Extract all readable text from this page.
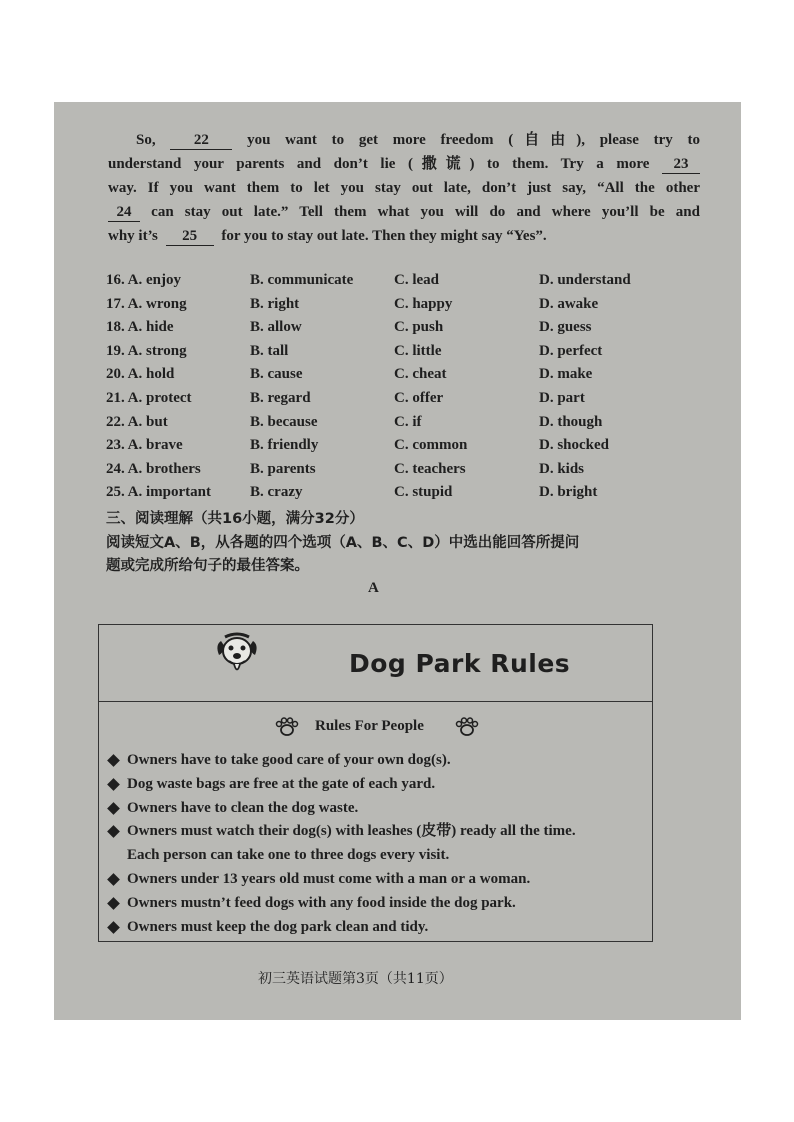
So,	22	you want to get more freedom (自由), please try to
understand your parents and don’t lie (撒谎) to them. Try a more 23
way. If you want them to let you stay out late, don’t just say, “All the other
24 can stay out late.” Tell them what you will do and where you’ll be and
why it’s 25 for you to stay out late. Then they might say “Yes”.
16. A. enjoy	B. communicate	C. lead	D. understand
17. A. wrong	B. right	C. happy	D. awake
18. A. hide	B. allow	C. push	D. guess
19. A. strong	B. tall	C. little	D. perfect
20. A. hold	B. cause	C. cheat	D. make
21. A. protect	B. regard	C. offer	D. part
22. A. but	B. because	C. if	D. though
23. A. brave	B. friendly	C. common	D. shocked
24. A. brothers	B. parents	C. teachers	D. kids
25. A. important	B. crazy	C. stupid	D. bright
三、阅读理解（共16小题，满分32分）
阅读短文A、B，从各题的四个选项（A、B、C、D）中选出能回答所提问
题或完成所给句子的最佳答案。
A
Dog Park Rules
Rules For People
Owners have to take good care of your own dog(s).
Dog waste bags are free at the gate of each yard.
Owners have to clean the dog waste.
Owners must watch their dog(s) with leashes (皮带) ready all the time.
Each person can take one to three dogs every visit.
Owners under 13 years old must come with a man or a woman.
Owners mustn’t feed dogs with any food inside the dog park.
Owners must keep the dog park clean and tidy.
初三英语试题第3页（共11页）
